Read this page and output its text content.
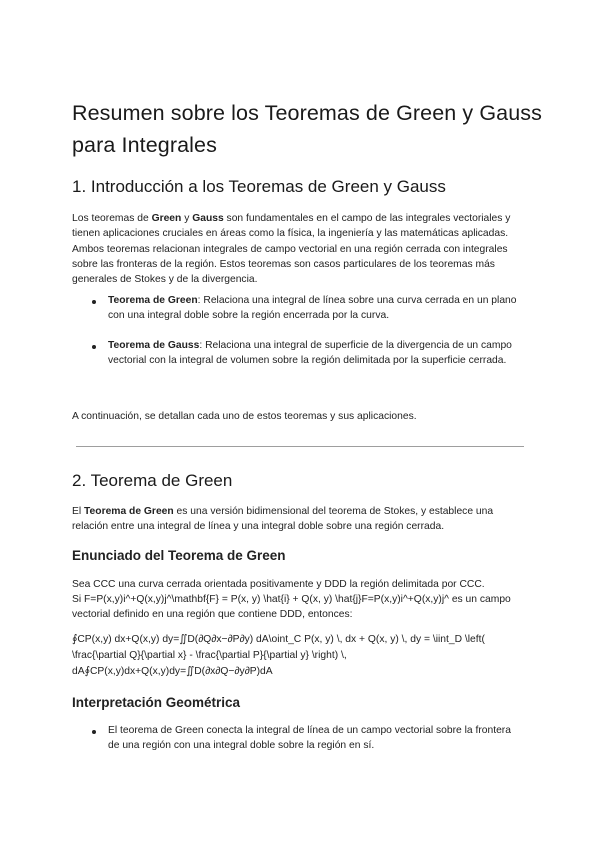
Resumen sobre los Teoremas de Green y Gauss para Integrales
1. Introducción a los Teoremas de Green y Gauss

Los teoremas de Green y Gauss son fundamentales en el campo de las integrales vectoriales y tienen aplicaciones cruciales en áreas como la física, la ingeniería y las matemáticas aplicadas. Ambos teoremas relacionan integrales de campo vectorial en una región cerrada con integrales sobre las fronteras de la región. Estos teoremas son casos particulares de los teoremas más generales de Stokes y de la divergencia.

Teorema de Green: Relaciona una integral de línea sobre una curva cerrada en un plano con una integral doble sobre la región encerrada por la curva.

Teorema de Gauss: Relaciona una integral de superficie de la divergencia de un campo vectorial con la integral de volumen sobre la región delimitada por la superficie cerrada.

A continuación, se detallan cada uno de estos teoremas y sus aplicaciones.

2. Teorema de Green

El Teorema de Green es una versión bidimensional del teorema de Stokes, y establece una relación entre una integral de línea y una integral doble sobre una región cerrada.

Enunciado del Teorema de Green

Sea CCC una curva cerrada orientada positivamente y DDD la región delimitada por CCC.

Si F=P(x,y)i^+Q(x,y)j^\mathbf{F} = P(x, y) \hat{i} + Q(x, y) \hat{j}F=P(x,y)i^+Q(x,y)j^ es un campo vectorial definido en una región que contiene DDD, entonces:

∮CP(x,y) dx+Q(x,y) dy=∬D(∂Q∂x−∂P∂y) dA\oint_C P(x, y) \, dx + Q(x, y) \, dy = \iint_D \left( \frac{\partial Q}{\partial x} - \frac{\partial P}{\partial y} \right) \, dA∮CP(x,y)dx+Q(x,y)dy=∬D(∂x∂Q−∂y∂P)dA

Interpretación Geométrica

El teorema de Green conecta la integral de línea de un campo vectorial sobre la frontera de una región con una integral doble sobre la región en sí.
